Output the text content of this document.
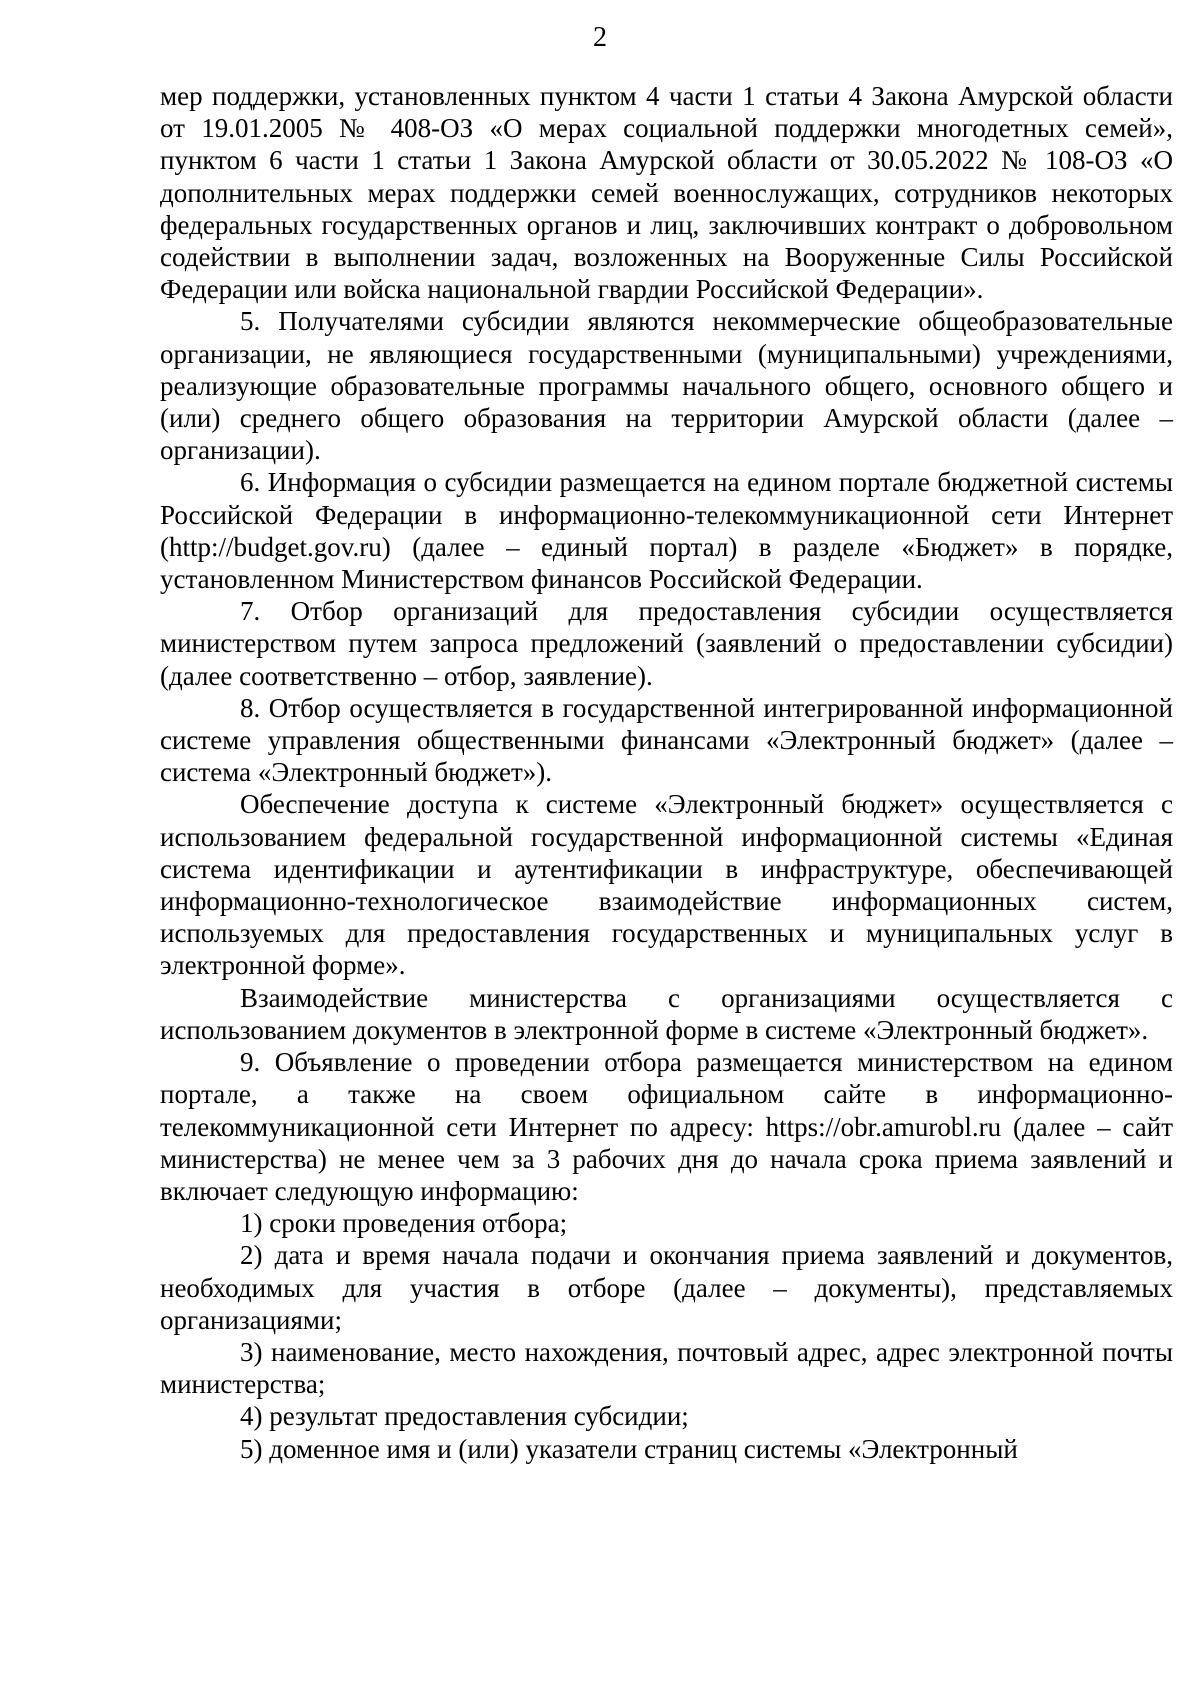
2

мер поддержки, установленных пунктом 4 части 1 статьи 4 Закона Амурской области от 19.01.2005 № 408-ОЗ «О мерах социальной поддержки многодетных семей», пунктом 6 части 1 статьи 1 Закона Амурской области от 30.05.2022 № 108-ОЗ «О дополнительных мерах поддержки семей военнослужащих, сотрудников некоторых федеральных государственных органов и лиц, заключивших контракт о добровольном содействии в выполнении задач, возложенных на Вооруженные Силы Российской Федерации или войска национальной гвардии Российской Федерации».

5. Получателями субсидии являются некоммерческие общеобразовательные организации, не являющиеся государственными (муниципальными) учреждениями, реализующие образовательные программы начального общего, основного общего и (или) среднего общего образования на территории Амурской области (далее – организации).

6. Информация о субсидии размещается на едином портале бюджетной системы Российской Федерации в информационно-телекоммуникационной сети Интернет (http://budget.gov.ru) (далее – единый портал) в разделе «Бюджет» в порядке, установленном Министерством финансов Российской Федерации.

7. Отбор организаций для предоставления субсидии осуществляется министерством путем запроса предложений (заявлений о предоставлении субсидии) (далее соответственно – отбор, заявление).

8. Отбор осуществляется в государственной интегрированной информационной системе управления общественными финансами «Электронный бюджет» (далее – система «Электронный бюджет»).

Обеспечение доступа к системе «Электронный бюджет» осуществляется с использованием федеральной государственной информационной системы «Единая система идентификации и аутентификации в инфраструктуре, обеспечивающей информационно-технологическое взаимодействие информационных систем, используемых для предоставления государственных и муниципальных услуг в электронной форме».

Взаимодействие министерства с организациями осуществляется с использованием документов в электронной форме в системе «Электронный бюджет».

9. Объявление о проведении отбора размещается министерством на едином портале, а также на своем официальном сайте в информационно-телекоммуникационной сети Интернет по адресу: https://obr.amurobl.ru (далее – сайт министерства) не менее чем за 3 рабочих дня до начала срока приема заявлений и включает следующую информацию:

1) сроки проведения отбора;

2) дата и время начала подачи и окончания приема заявлений и документов, необходимых для участия в отборе (далее – документы), представляемых организациями;

3) наименование, место нахождения, почтовый адрес, адрес электронной почты министерства;

4) результат предоставления субсидии;

5) доменное имя и (или) указатели страниц системы «Электронный
